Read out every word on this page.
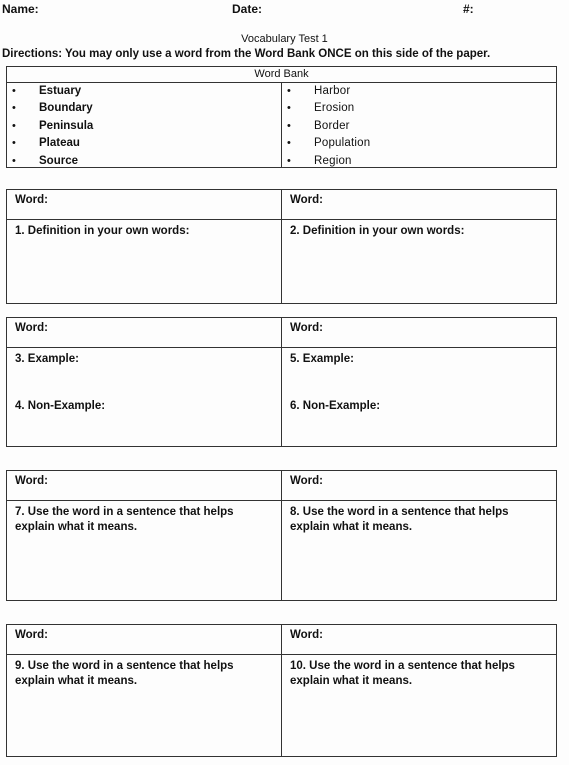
Name:	Date:	#:
Vocabulary Test 1
Directions: You may only use a word from the Word Bank ONCE on this side of the paper.
Word Bank
•	Estuary
•	Boundary
•	Peninsula
•	Plateau
•	Source
•	Harbor
•	Erosion
•	Border
•	Population
•	Region
Word:
1. Definition in your own words:
Word:
2. Definition in your own words:
Word:
3. Example:
4. Non-Example:
Word:
5. Example:
6. Non-Example:
Word:
7. Use the word in a sentence that helps explain what it means.
Word:
8. Use the word in a sentence that helps explain what it means.
Word:
9. Use the word in a sentence that helps explain what it means.
Word:
10. Use the word in a sentence that helps explain what it means.
